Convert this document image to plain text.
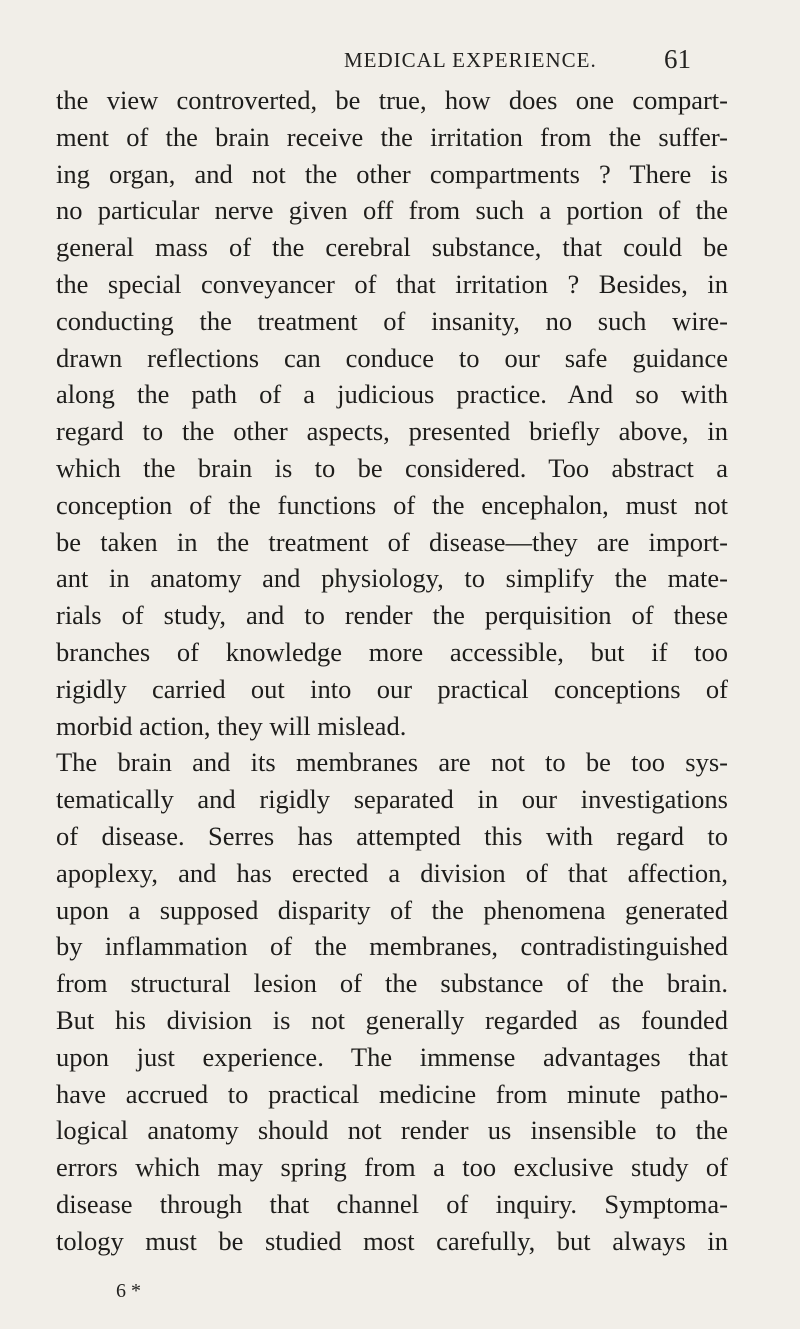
MEDICAL EXPERIENCE. 61
the view controverted, be true, how does one compart-
ment of the brain receive the irritation from the suffer-
ing organ, and not the other compartments ? There is
no particular nerve given off from such a portion of the
general mass of the cerebral substance, that could be
the special conveyancer of that irritation ? Besides, in
conducting the treatment of insanity, no such wire-
drawn reflections can conduce to our safe guidance
along the path of a judicious practice. And so with
regard to the other aspects, presented briefly above, in
which the brain is to be considered. Too abstract a
conception of the functions of the encephalon, must not
be taken in the treatment of disease—they are import-
ant in anatomy and physiology, to simplify the mate-
rials of study, and to render the perquisition of these
branches of knowledge more accessible, but if too
rigidly carried out into our practical conceptions of
morbid action, they will mislead.
The brain and its membranes are not to be too sys-
tematically and rigidly separated in our investigations
of disease. Serres has attempted this with regard to
apoplexy, and has erected a division of that affection,
upon a supposed disparity of the phenomena generated
by inflammation of the membranes, contradistinguished
from structural lesion of the substance of the brain.
But his division is not generally regarded as founded
upon just experience. The immense advantages that
have accrued to practical medicine from minute patho-
logical anatomy should not render us insensible to the
errors which may spring from a too exclusive study of
disease through that channel of inquiry. Symptoma-
tology must be studied most carefully, but always in
6 *
